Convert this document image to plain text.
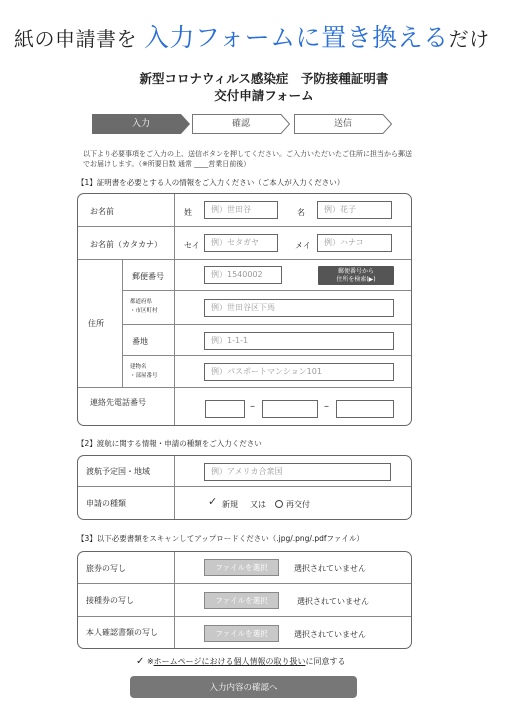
紙の申請書を 入力フォームに置き換えるだけ
新型コロナウィルス感染症　予防接種証明書
交付申請フォーム
入力	確認	送信
以下より必要事項をご入力の上、送信ボタンを押してください。ご入力いただいたご住所に担当から郵送でお届けします。（※所要日数 通常 ____営業日前後）
【1】証明書を必要とする人の情報をご入力ください（ご本人が入力ください）
お名前	姓	例）世田谷	名	例）花子
お名前（カタカナ）	セイ	例）セタガヤ	メイ	例）ハナコ
住所
郵便番号	例）1540002	郵便番号から
住所を検索(▶)
都道府県
・市区町村	例）世田谷区下馬
番地	例）1-1-1
建物名
・部屋番号	例）パスポートマンション101
連絡先電話番号	–	–
【2】渡航に関する情報・申請の種類をご入力ください
渡航予定国・地域	例）アメリカ合衆国
申請の種類	✓ 新規 又は	再交付
【3】以下必要書類をスキャンしてアップロードください（.jpg/.png/.pdfファイル）
旅券の写し	ファイルを選択	選択されていません
接種券の写し	ファイルを選択	選択されていません
本人確認書類の写し	ファイルを選択	選択されていません
✓ ※ホームページにおける個人情報の取り扱いに同意する
入力内容の確認へ
